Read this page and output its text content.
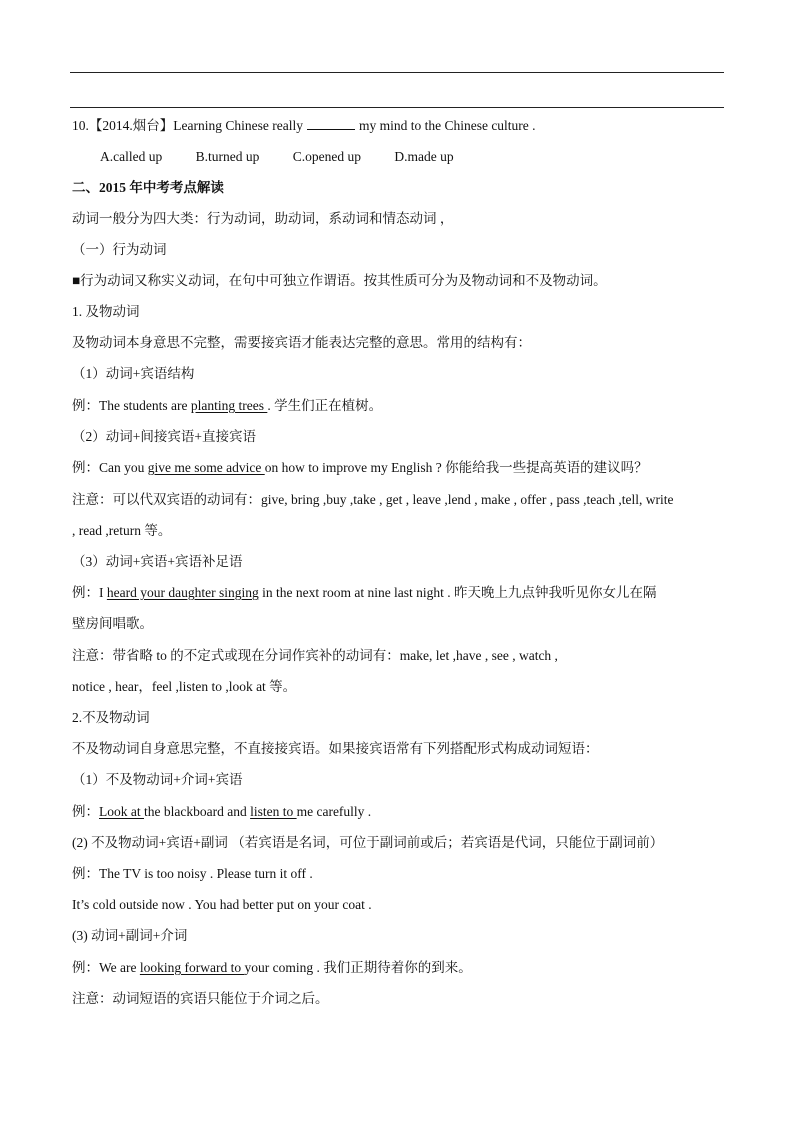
10.【2014.烟台】Learning Chinese really	my mind to the Chinese culture .
A.called up B.turned up C.opened up D.made up
二、2015 年中考考点解读
动词一般分为四大类：行为动词，助动词，系动词和情态动词 ，
（一）行为动词
■行为动词又称实义动词，在句中可独立作谓语。按其性质可分为及物动词和不及物动词。
1. 及物动词
及物动词本身意思不完整，需要接宾语才能表达完整的意思。常用的结构有：
（1）动词+宾语结构
例：The students are planting trees . 学生们正在植树。
（2）动词+间接宾语+直接宾语
例：Can you give me some advice on how to improve my English ? 你能给我一些提高英语的建议吗？
注意：可以代双宾语的动词有：give, bring ,buy ,take , get , leave ,lend , make , offer , pass ,teach ,tell, write
, read ,return 等。
（3）动词+宾语+宾语补足语
例：I heard your daughter singing in the next room at nine last night . 昨天晚上九点钟我听见你女儿在隔
壁房间唱歌。
注意：带省略 to 的不定式或现在分词作宾补的动词有：make, let ,have , see , watch ,
notice , hear，feel ,listen to ,look at 等。
2.不及物动词
不及物动词自身意思完整，不直接接宾语。如果接宾语常有下列搭配形式构成动词短语：
（1）不及物动词+介词+宾语
例：Look at the blackboard and listen to me carefully .
(2) 不及物动词+宾语+副词 （若宾语是名词，可位于副词前或后；若宾语是代词，只能位于副词前）
例：The TV is too noisy . Please turn it off .
It’s cold outside now . You had better put on your coat .
(3) 动词+副词+介词
例：We are looking forward to your coming . 我们正期待着你的到来。
注意：动词短语的宾语只能位于介词之后。
